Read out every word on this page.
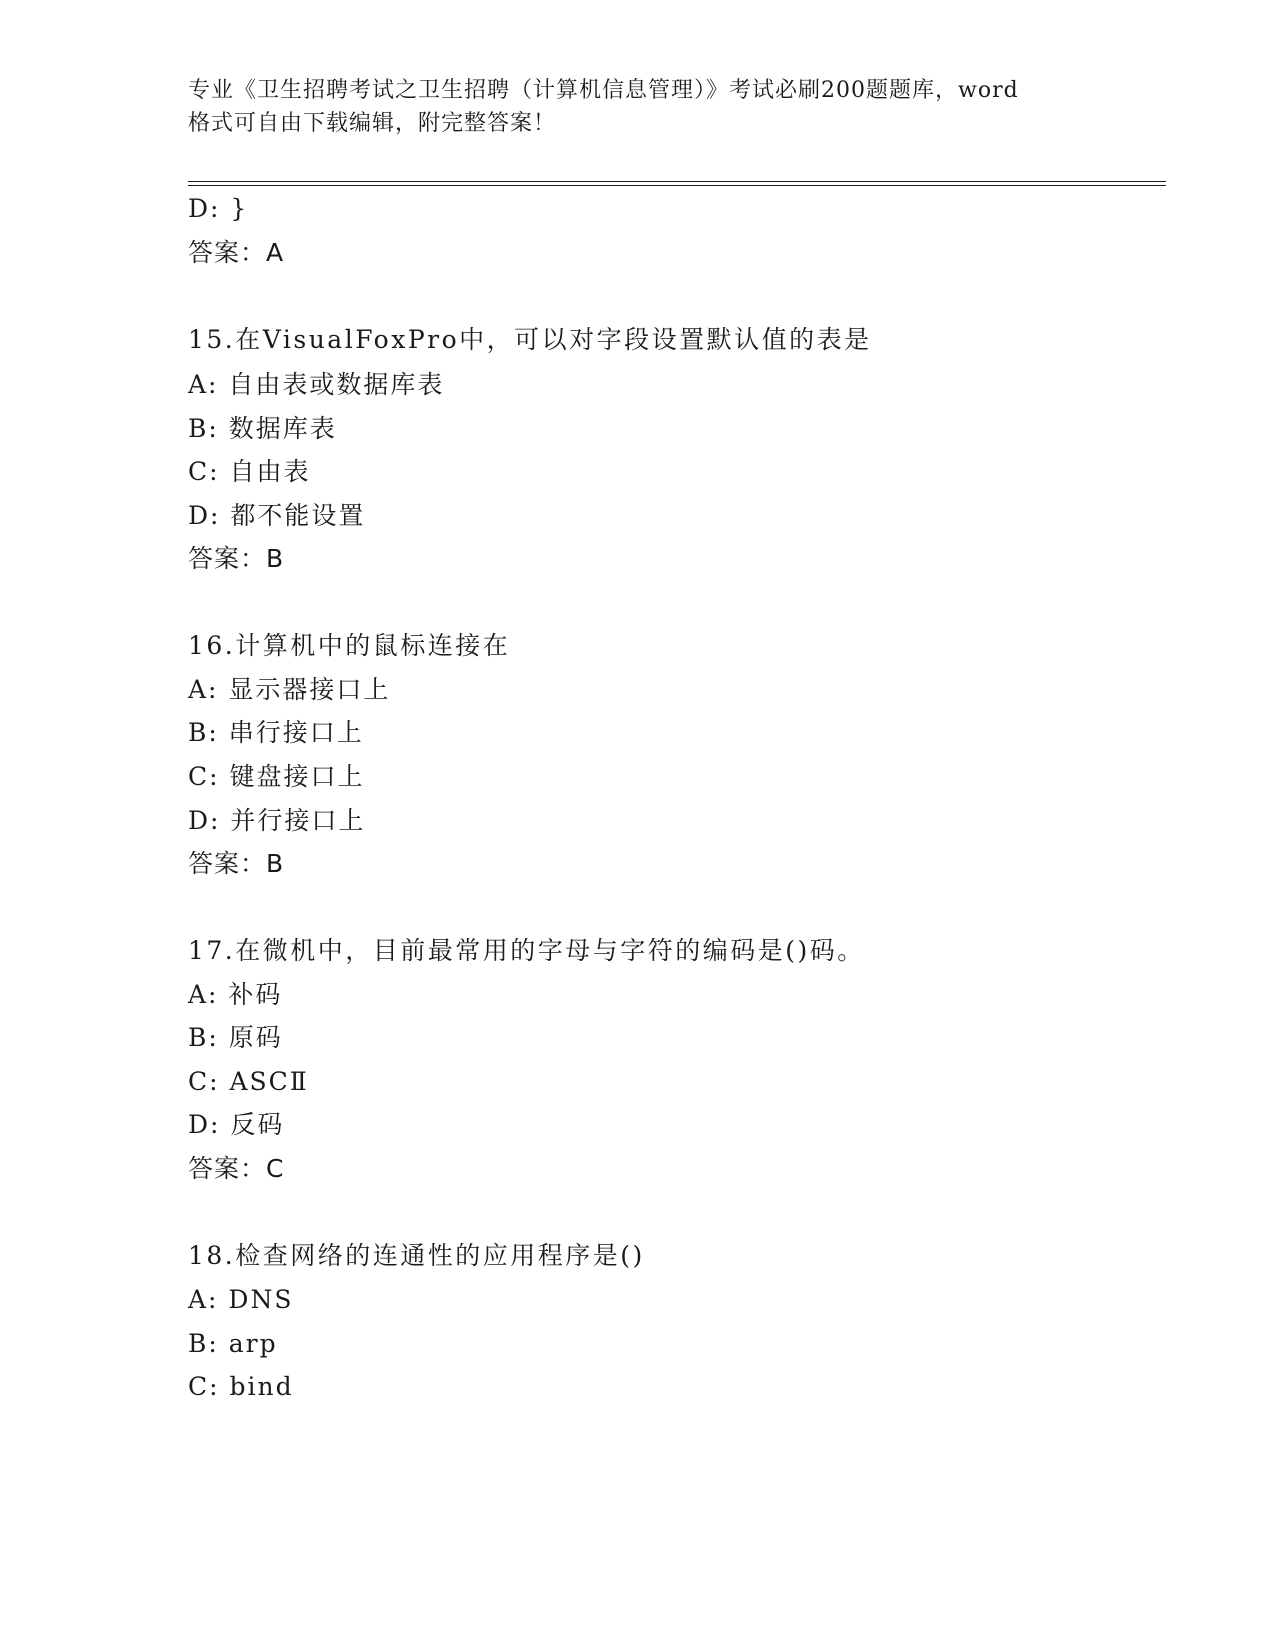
专业《卫生招聘考试之卫生招聘（计算机信息管理）》考试必刷200题题库，word
格式可自由下载编辑，附完整答案！
D: }
答案：A
15.在VisualFoxPro中，可以对字段设置默认值的表是
A: 自由表或数据库表
B: 数据库表
C: 自由表
D: 都不能设置
答案：B
16.计算机中的鼠标连接在
A: 显示器接口上
B: 串行接口上
C: 键盘接口上
D: 并行接口上
答案：B
17.在微机中，目前最常用的字母与字符的编码是()码。
A: 补码
B: 原码
C: ASCⅡ
D: 反码
答案：C
18.检查网络的连通性的应用程序是()
A: DNS
B: arp
C: bind
